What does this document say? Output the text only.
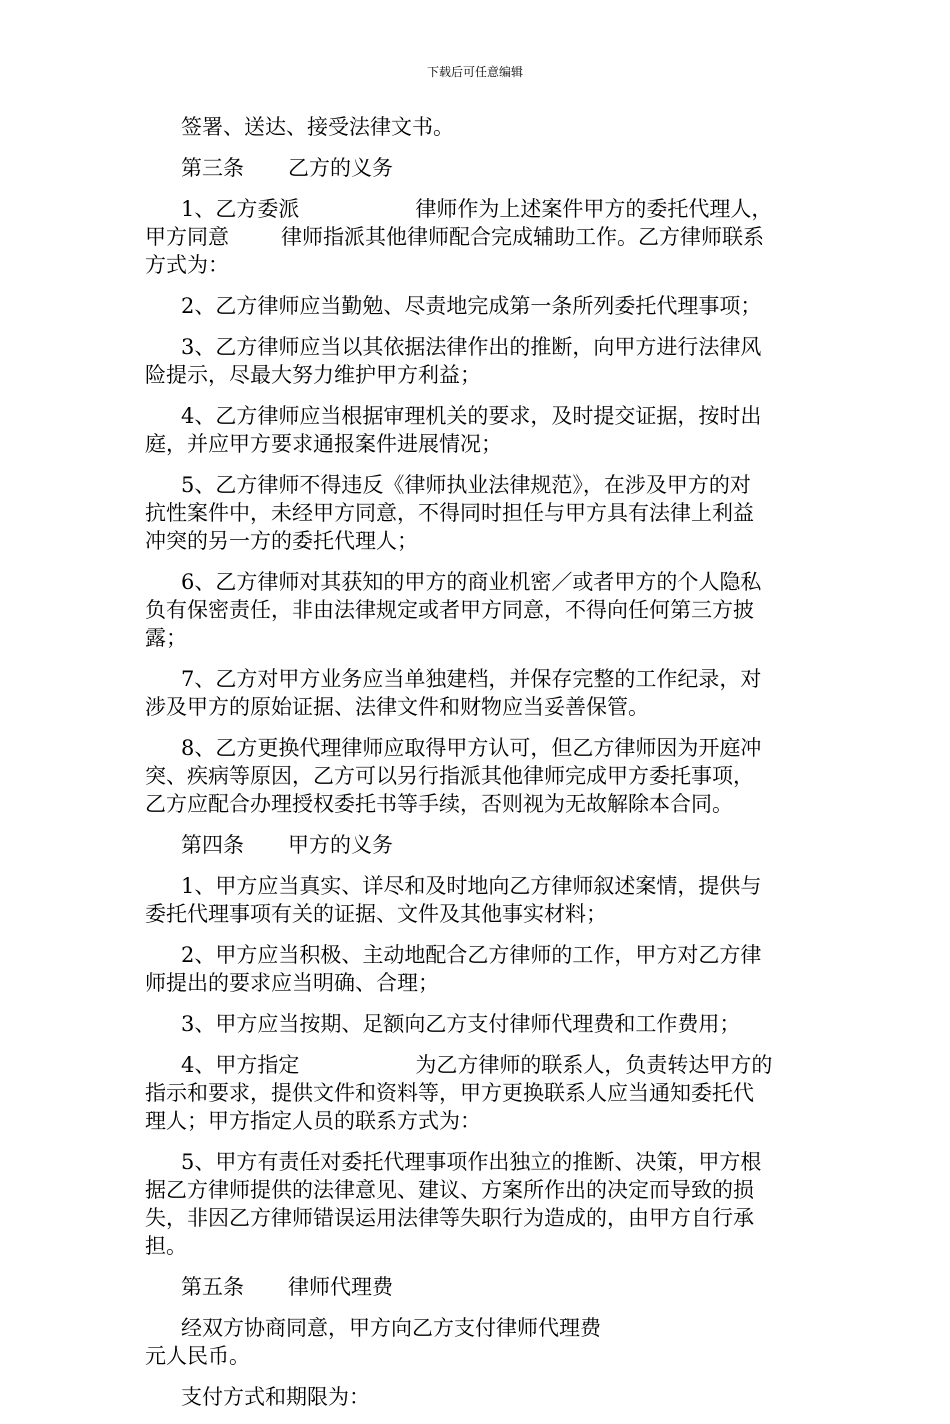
下载后可任意编辑
签署、送达、接受法律文书。
第三条 乙方的义务
1、乙方委派	律师作为上述案件甲方的委托代理人，
甲方同意 律师指派其他律师配合完成辅助工作。乙方律师联系
方式为：
2、乙方律师应当勤勉、尽责地完成第一条所列委托代理事项；
3、乙方律师应当以其依据法律作出的推断，向甲方进行法律风
险提示，尽最大努力维护甲方利益；
4、乙方律师应当根据审理机关的要求，及时提交证据，按时出
庭，并应甲方要求通报案件进展情况；
5、乙方律师不得违反《律师执业法律规范》，在涉及甲方的对
抗性案件中，未经甲方同意，不得同时担任与甲方具有法律上利益
冲突的另一方的委托代理人；
6、乙方律师对其获知的甲方的商业机密／或者甲方的个人隐私
负有保密责任，非由法律规定或者甲方同意，不得向任何第三方披
露；
7、乙方对甲方业务应当单独建档，并保存完整的工作纪录，对
涉及甲方的原始证据、法律文件和财物应当妥善保管。
8、乙方更换代理律师应取得甲方认可，但乙方律师因为开庭冲
突、疾病等原因，乙方可以另行指派其他律师完成甲方委托事项，
乙方应配合办理授权委托书等手续，否则视为无故解除本合同。
第四条 甲方的义务
1、甲方应当真实、详尽和及时地向乙方律师叙述案情，提供与
委托代理事项有关的证据、文件及其他事实材料；
2、甲方应当积极、主动地配合乙方律师的工作，甲方对乙方律
师提出的要求应当明确、合理；
3、甲方应当按期、足额向乙方支付律师代理费和工作费用；
4、甲方指定	为乙方律师的联系人，负责转达甲方的
指示和要求，提供文件和资料等，甲方更换联系人应当通知委托代
理人；甲方指定人员的联系方式为：
5、甲方有责任对委托代理事项作出独立的推断、决策，甲方根
据乙方律师提供的法律意见、建议、方案所作出的决定而导致的损
失，非因乙方律师错误运用法律等失职行为造成的，由甲方自行承
担。
第五条 律师代理费
经双方协商同意，甲方向乙方支付律师代理费
元人民币。
支付方式和期限为：
